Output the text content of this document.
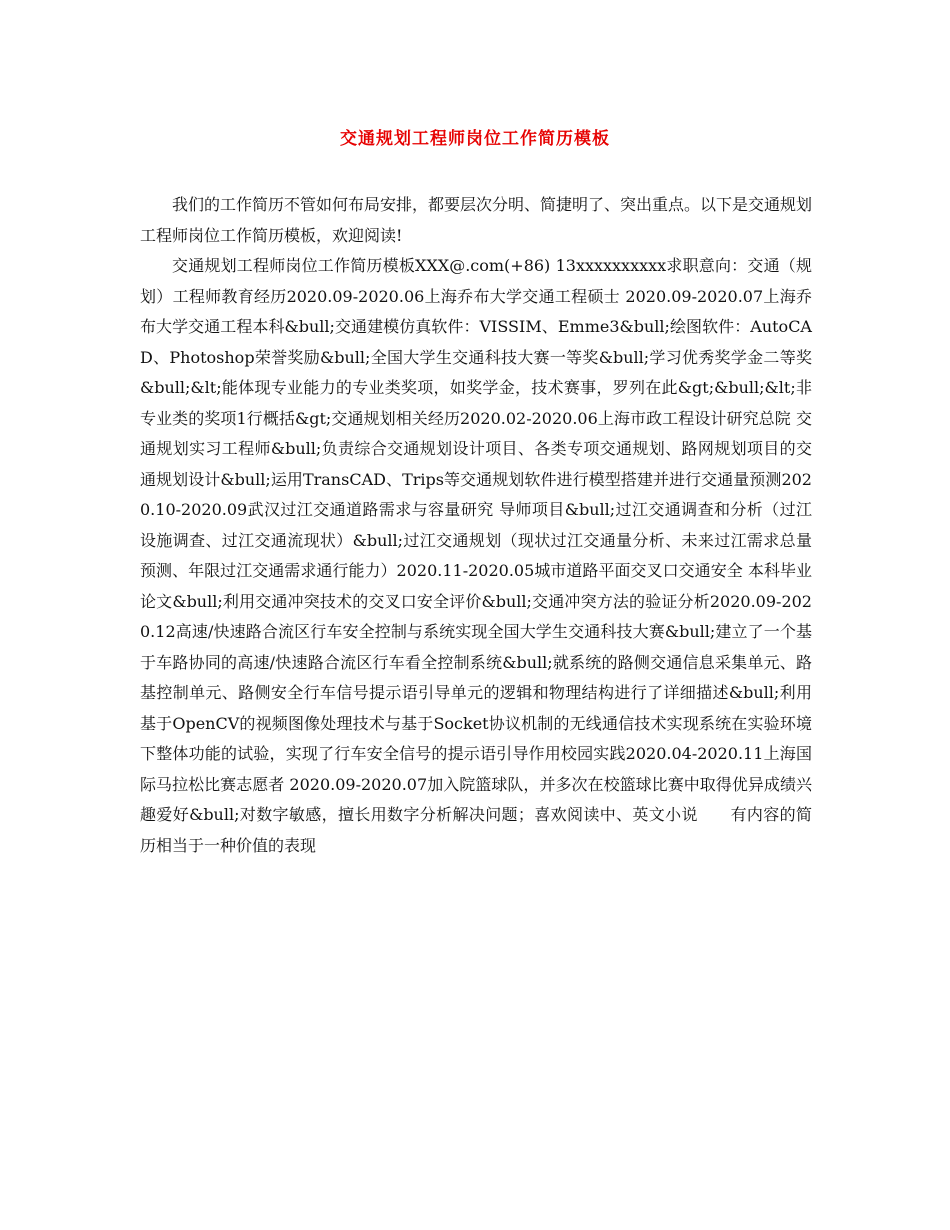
交通规划工程师岗位工作简历模板

我们的工作简历不管如何布局安排，都要层次分明、简捷明了、突出重点。以下是交通规划工程师岗位工作简历模板，欢迎阅读!

交通规划工程师岗位工作简历模板XXX@.com(+86) 13xxxxxxxxxx求职意向：交通（规划）工程师教育经历2020.09-2020.06上海乔布大学交通工程硕士 2020.09-2020.07上海乔布大学交通工程本科&bull;交通建模仿真软件：VISSIM、Emme3&bull;绘图软件：AutoCAD、Photoshop荣誉奖励&bull;全国大学生交通科技大赛一等奖&bull;学习优秀奖学金二等奖&bull;&lt;能体现专业能力的专业类奖项，如奖学金，技术赛事，罗列在此&gt;&bull;&lt;非专业类的奖项1行概括&gt;交通规划相关经历2020.02-2020.06上海市政工程设计研究总院 交通规划实习工程师&bull;负责综合交通规划设计项目、各类专项交通规划、路网规划项目的交通规划设计&bull;运用TransCAD、Trips等交通规划软件进行模型搭建并进行交通量预测2020.10-2020.09武汉过江交通道路需求与容量研究 导师项目&bull;过江交通调查和分析（过江设施调查、过江交通流现状）&bull;过江交通规划（现状过江交通量分析、未来过江需求总量预测、年限过江交通需求通行能力）2020.11-2020.05城市道路平面交叉口交通安全 本科毕业论文&bull;利用交通冲突技术的交叉口安全评价&bull;交通冲突方法的验证分析2020.09-2020.12高速/快速路合流区行车安全控制与系统实现全国大学生交通科技大赛&bull;建立了一个基于车路协同的高速/快速路合流区行车看全控制系统&bull;就系统的路侧交通信息采集单元、路基控制单元、路侧安全行车信号提示语引导单元的逻辑和物理结构进行了详细描述&bull;利用基于OpenCV的视频图像处理技术与基于Socket协议机制的无线通信技术实现系统在实验环境下整体功能的试验，实现了行车安全信号的提示语引导作用校园实践2020.04-2020.11上海国际马拉松比赛志愿者 2020.09-2020.07加入院篮球队，并多次在校篮球比赛中取得优异成绩兴趣爱好&bull;对数字敏感，擅长用数字分析解决问题；喜欢阅读中、英文小说　　有内容的简历相当于一种价值的表现
